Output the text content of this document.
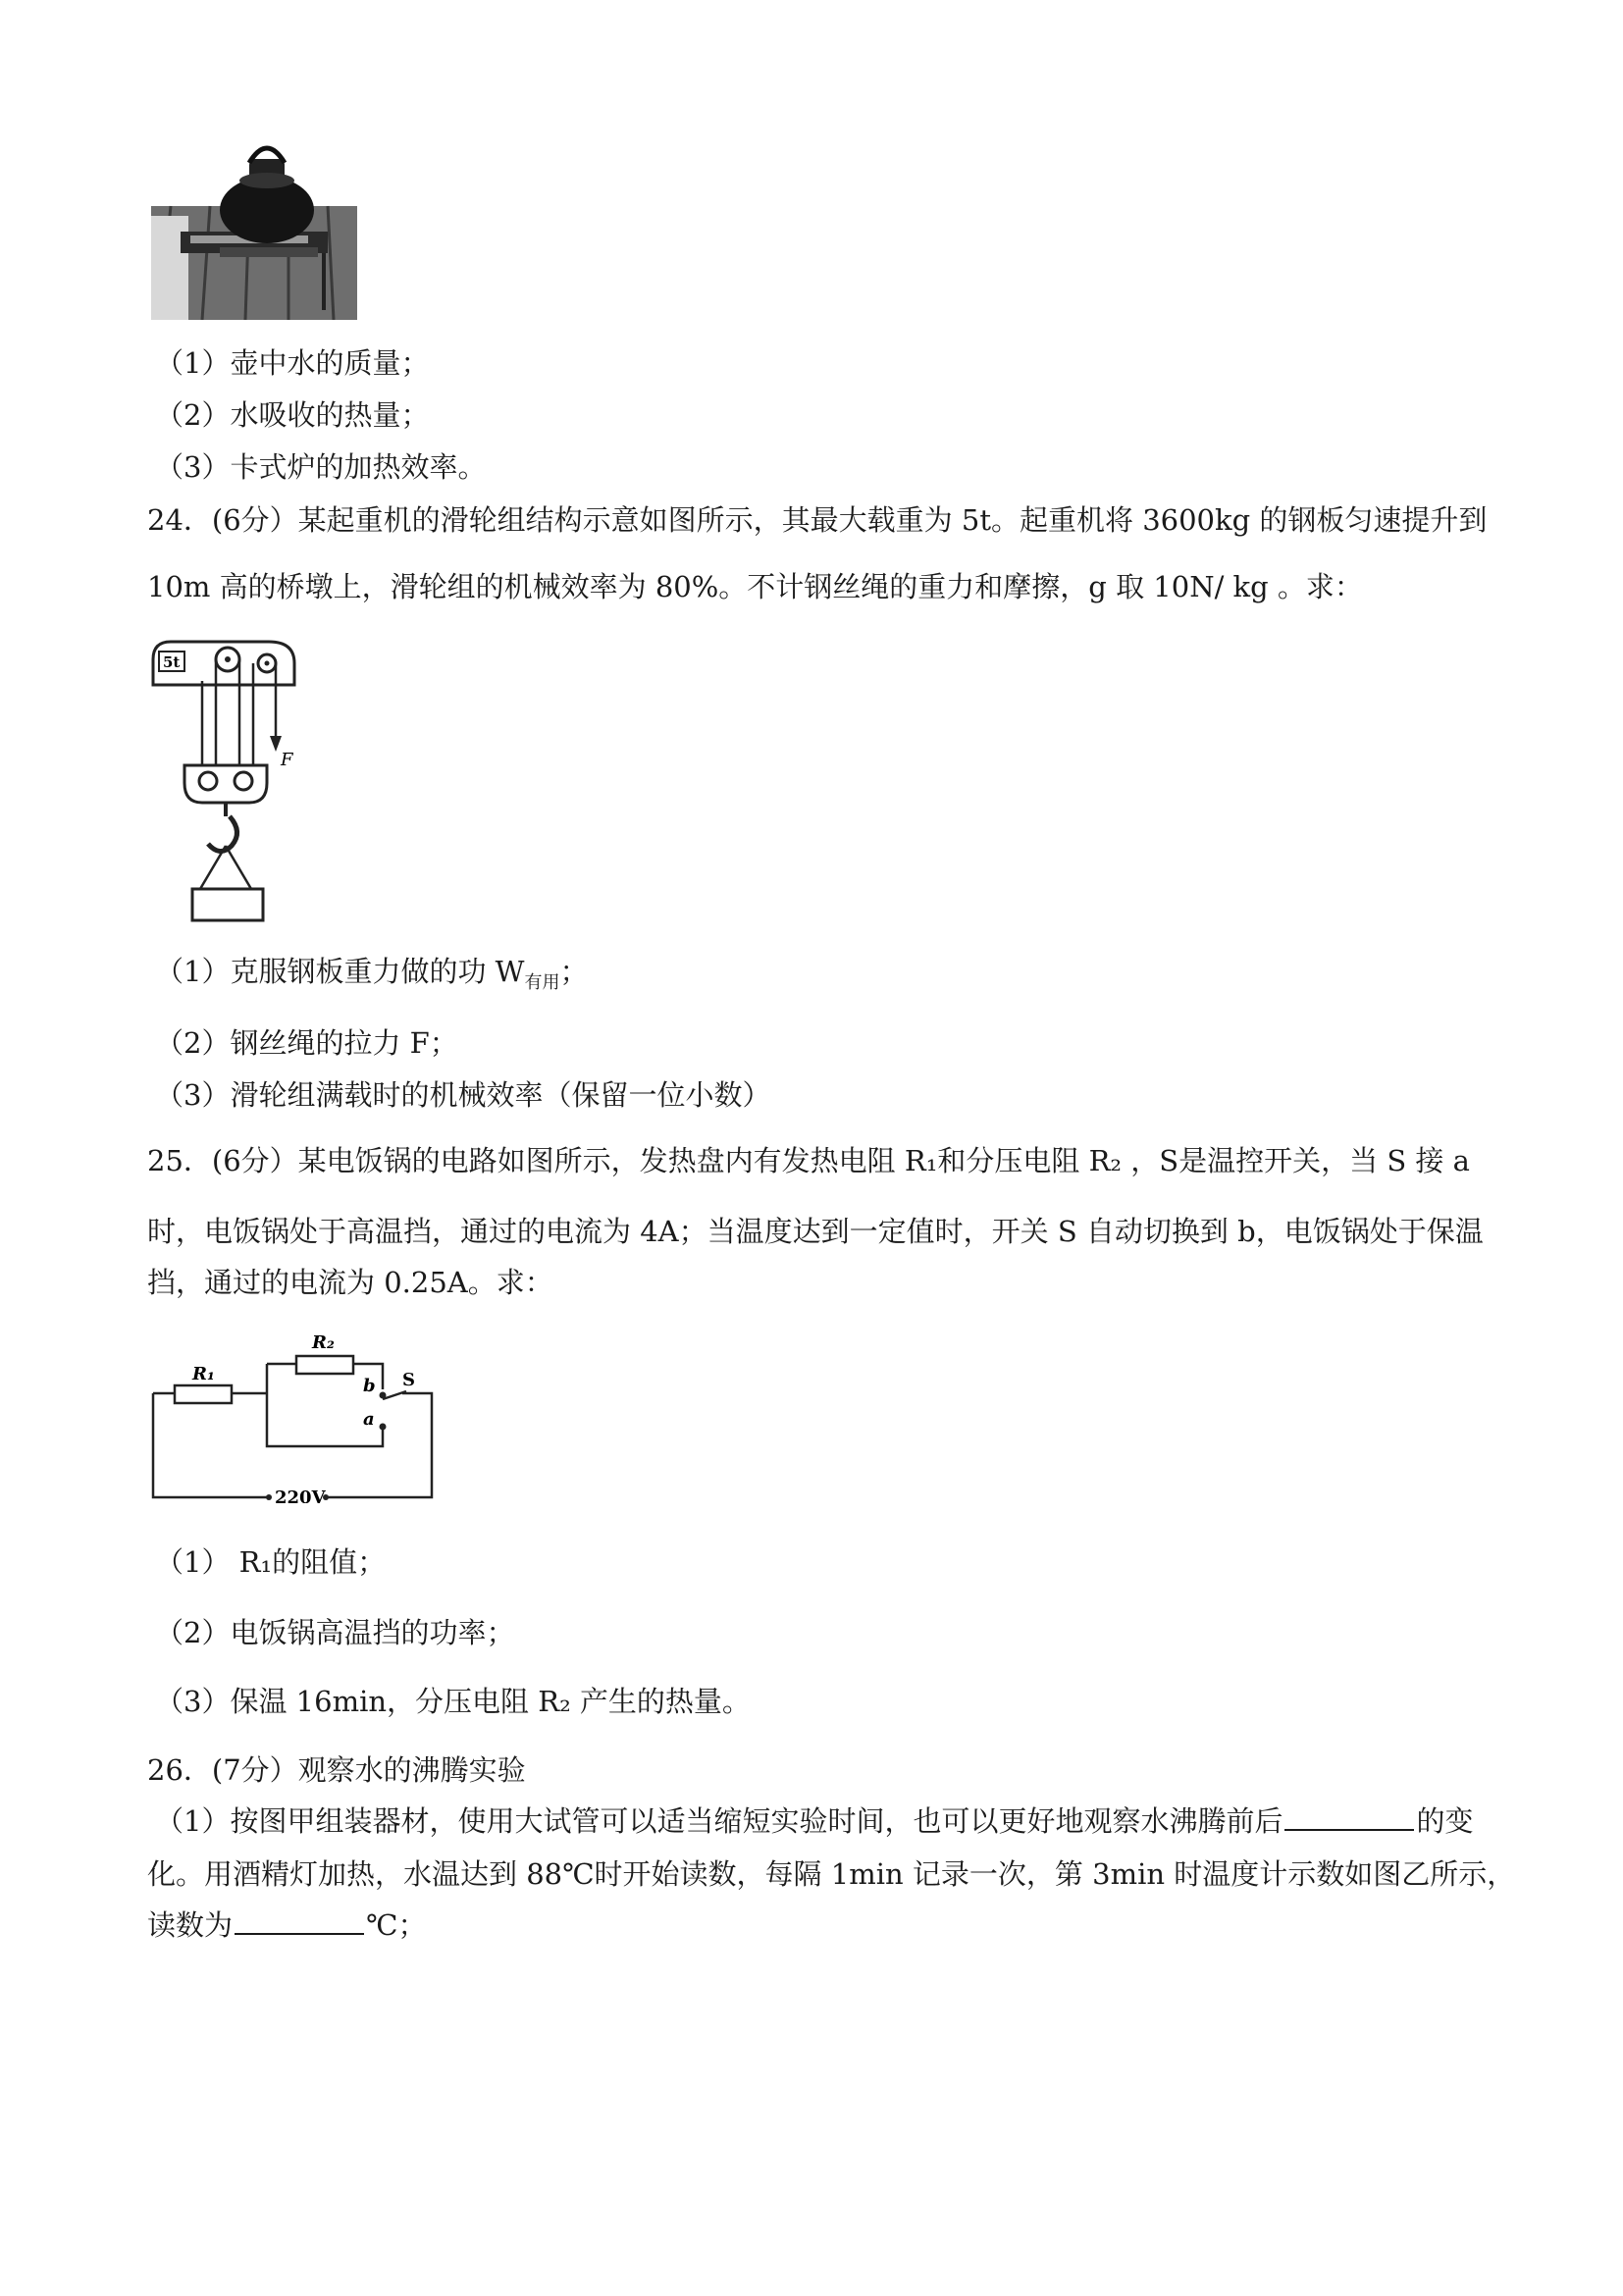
（1）壶中水的质量；
（2）水吸收的热量；
（3）卡式炉的加热效率。
24．(6分）某起重机的滑轮组结构示意如图所示，其最大载重为 5t。起重机将 3600kg 的钢板匀速提升到
10m 高的桥墩上，滑轮组的机械效率为 80%。不计钢丝绳的重力和摩擦，g 取 10N/ kg 。求：
5t
F
（1）克服钢板重力做的功 $W_{有用}$；
（2）钢丝绳的拉力 F；
（3）滑轮组满载时的机械效率（保留一位小数）
25．(6分）某电饭锅的电路如图所示，发热盘内有发热电阻 R₁和分压电阻 R₂ ，S是温控开关，当 S 接 a
时，电饭锅处于高温挡，通过的电流为 4A；当温度达到一定值时，开关 S 自动切换到 b，电饭锅处于保温
挡，通过的电流为 0.25A。求：
R₁
R₂
b
a
S
220V
（1） R₁的阻值；
（2）电饭锅高温挡的功率；
（3）保温 16min，分压电阻 R₂ 产生的热量。
26．(7分）观察水的沸腾实验
（1）按图甲组装器材，使用大试管可以适当缩短实验时间，也可以更好地观察水沸腾前后	的变
化。用酒精灯加热，水温达到 88℃时开始读数，每隔 1min 记录一次，第 3min 时温度计示数如图乙所示，
读数为	℃；
